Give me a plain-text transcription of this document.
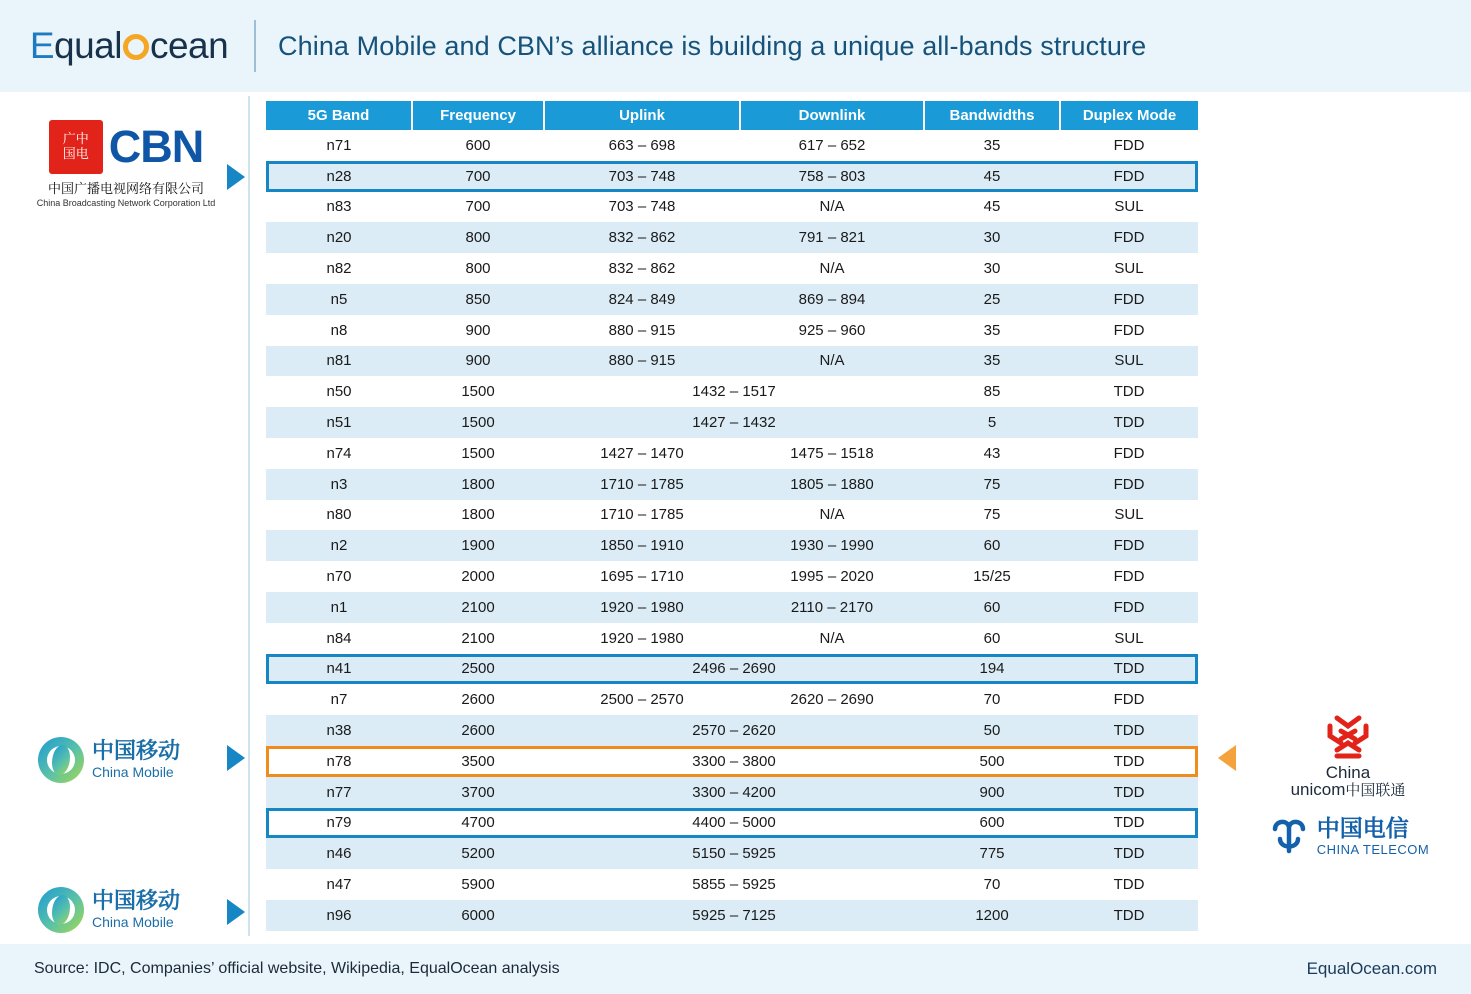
Equal cean China Mobile and CBN’s alliance is building a unique all-bands structure
广中
国电 CBN
中国广播电视网络有限公司
China Broadcasting Network Corporation Ltd
中国移动
China Mobile
中国移动
China Mobile
5G Band	Frequency	Uplink	Downlink	Bandwidths	Duplex Mode
n71	600	663 – 698	617 – 652	35	FDD
n28	700	703 – 748	758 – 803	45	FDD
n83	700	703 – 748	N/A	45	SUL
n20	800	832 – 862	791 – 821	30	FDD
n82	800	832 – 862	N/A	30	SUL
n5	850	824 – 849	869 – 894	25	FDD
n8	900	880 – 915	925 – 960	35	FDD
n81	900	880 – 915	N/A	35	SUL
n50	1500	1432 – 1517		85	TDD
n51	1500	1427 – 1432		5	TDD
n74	1500	1427 – 1470	1475 – 1518	43	FDD
n3	1800	1710 – 1785	1805 – 1880	75	FDD
n80	1800	1710 – 1785	N/A	75	SUL
n2	1900	1850 – 1910	1930 – 1990	60	FDD
n70	2000	1695 – 1710	1995 – 2020	15/25	FDD
n1	2100	1920 – 1980	2110 – 2170	60	FDD
n84	2100	1920 – 1980	N/A	60	SUL
n41	2500	2496 – 2690		194	TDD
n7	2600	2500 – 2570	2620 – 2690	70	FDD
n38	2600	2570 – 2620		50	TDD
n78	3500	3300 – 3800		500	TDD
n77	3700	3300 – 4200		900	TDD
n79	4700	4400 – 5000		600	TDD
n46	5200	5150 – 5925		775	TDD
n47	5900	5855 – 5925		70	TDD
n96	6000	5925 – 7125		1200	TDD
China
unicom中国联通
中国电信
CHINA TELECOM
Source: IDC, Companies’ official website, Wikipedia, EqualOcean analysis	EqualOcean.com
